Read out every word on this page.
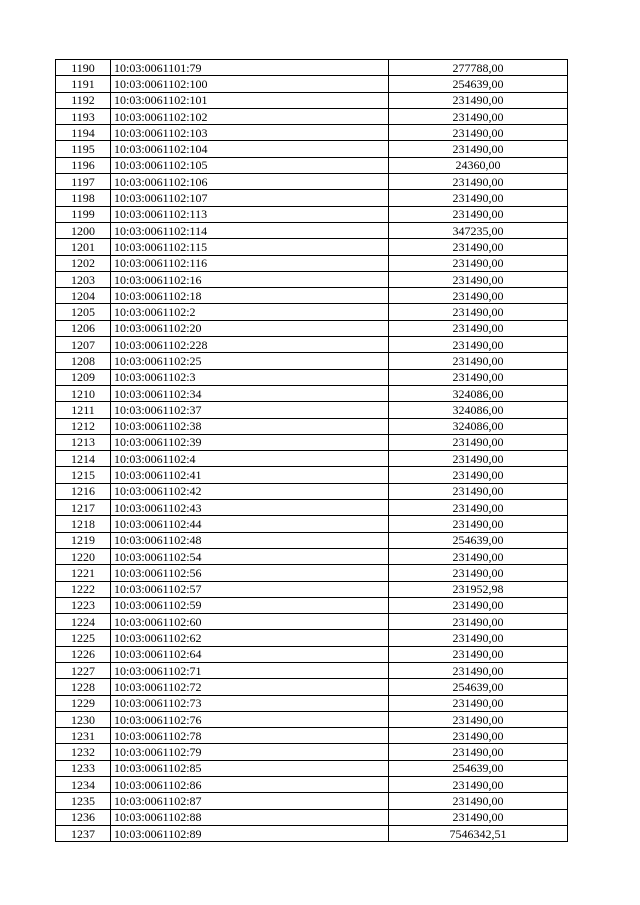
1190	10:03:0061101:79	277788,00
1191	10:03:0061102:100	254639,00
1192	10:03:0061102:101	231490,00
1193	10:03:0061102:102	231490,00
1194	10:03:0061102:103	231490,00
1195	10:03:0061102:104	231490,00
1196	10:03:0061102:105	24360,00
1197	10:03:0061102:106	231490,00
1198	10:03:0061102:107	231490,00
1199	10:03:0061102:113	231490,00
1200	10:03:0061102:114	347235,00
1201	10:03:0061102:115	231490,00
1202	10:03:0061102:116	231490,00
1203	10:03:0061102:16	231490,00
1204	10:03:0061102:18	231490,00
1205	10:03:0061102:2	231490,00
1206	10:03:0061102:20	231490,00
1207	10:03:0061102:228	231490,00
1208	10:03:0061102:25	231490,00
1209	10:03:0061102:3	231490,00
1210	10:03:0061102:34	324086,00
1211	10:03:0061102:37	324086,00
1212	10:03:0061102:38	324086,00
1213	10:03:0061102:39	231490,00
1214	10:03:0061102:4	231490,00
1215	10:03:0061102:41	231490,00
1216	10:03:0061102:42	231490,00
1217	10:03:0061102:43	231490,00
1218	10:03:0061102:44	231490,00
1219	10:03:0061102:48	254639,00
1220	10:03:0061102:54	231490,00
1221	10:03:0061102:56	231490,00
1222	10:03:0061102:57	231952,98
1223	10:03:0061102:59	231490,00
1224	10:03:0061102:60	231490,00
1225	10:03:0061102:62	231490,00
1226	10:03:0061102:64	231490,00
1227	10:03:0061102:71	231490,00
1228	10:03:0061102:72	254639,00
1229	10:03:0061102:73	231490,00
1230	10:03:0061102:76	231490,00
1231	10:03:0061102:78	231490,00
1232	10:03:0061102:79	231490,00
1233	10:03:0061102:85	254639,00
1234	10:03:0061102:86	231490,00
1235	10:03:0061102:87	231490,00
1236	10:03:0061102:88	231490,00
1237	10:03:0061102:89	7546342,51
